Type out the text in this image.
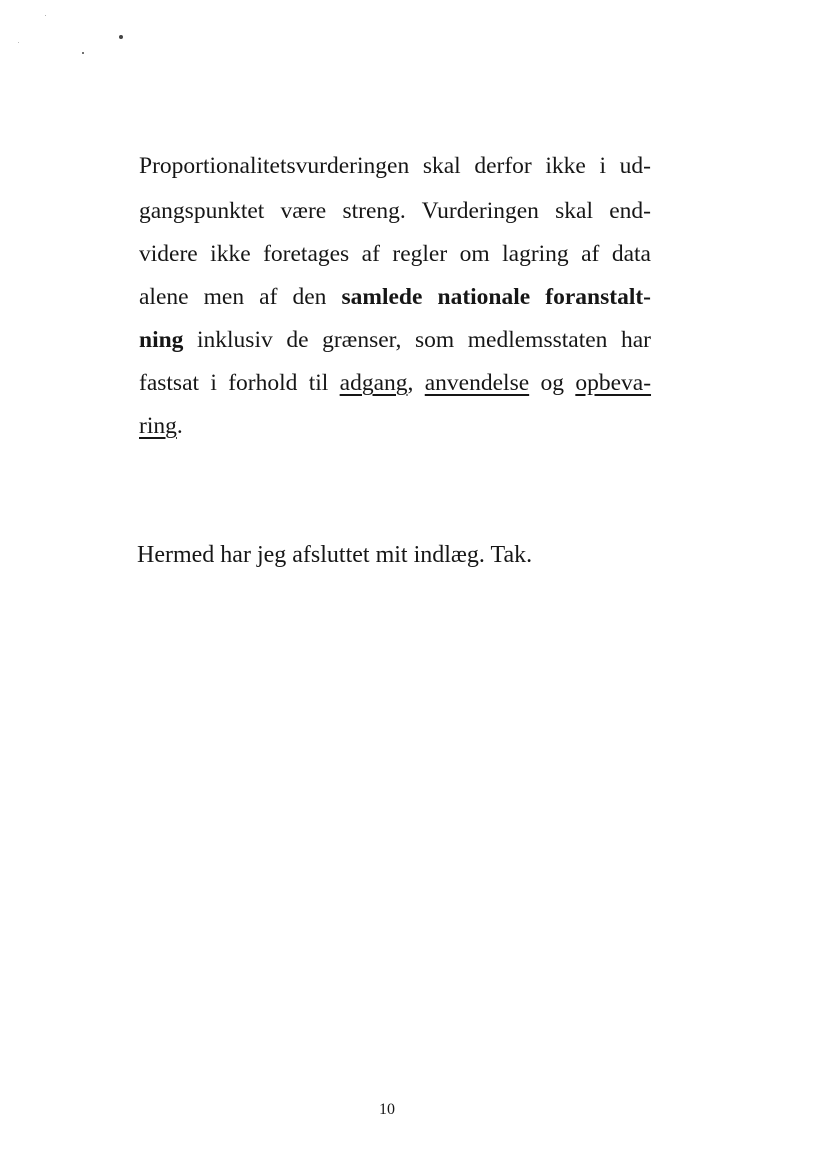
Proportionalitetsvurderingen skal derfor ikke i ud-
gangspunktet være streng. Vurderingen skal end-
videre ikke foretages af regler om lagring af data
alene men af den samlede nationale foranstalt-
ning inklusiv de grænser, som medlemsstaten har
fastsat i forhold til adgang, anvendelse og opbeva-
ring.
Hermed har jeg afsluttet mit indlæg. Tak.
10
